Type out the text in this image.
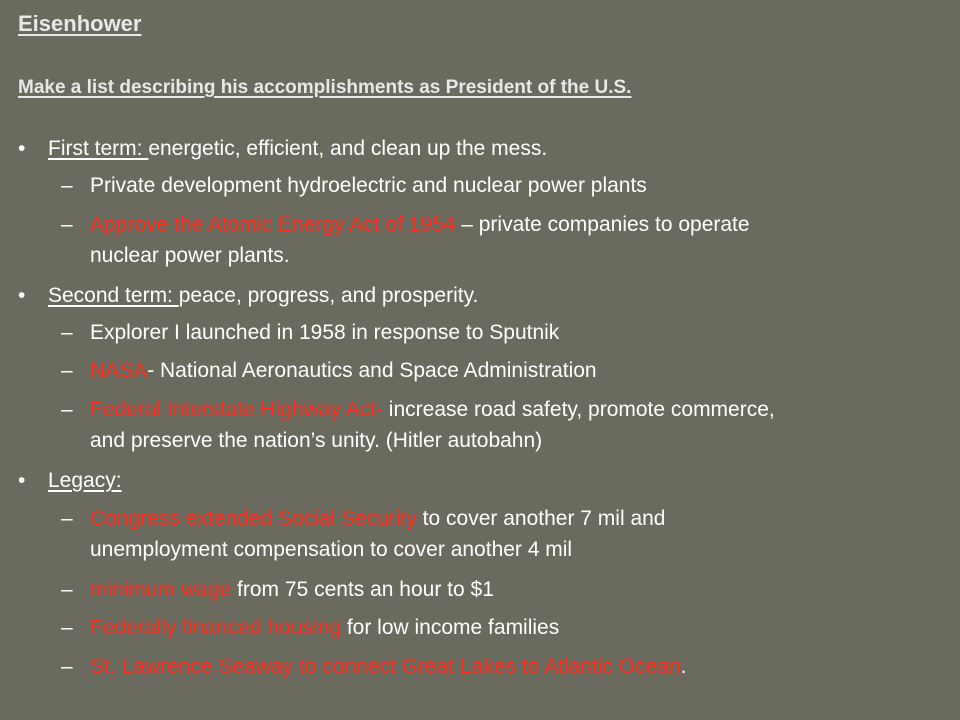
Eisenhower
Make a list describing his accomplishments as President of the U.S.
• First term: energetic, efficient, and clean up the mess.
– Private development hydroelectric and nuclear power plants
– Approve the Atomic Energy Act of 1954 – private companies to operate
nuclear power plants.
• Second term: peace, progress, and prosperity.
– Explorer I launched in 1958 in response to Sputnik
– NASA- National Aeronautics and Space Administration
– Federal Interstate Highway Act- increase road safety, promote commerce,
and preserve the nation’s unity. (Hitler autobahn)
• Legacy:
– Congress extended Social Security to cover another 7 mil and
unemployment compensation to cover another 4 mil
– minimum wage from 75 cents an hour to $1
– Federally financed housing for low income families
– St. Lawrence Seaway to connect Great Lakes to Atlantic Ocean.
